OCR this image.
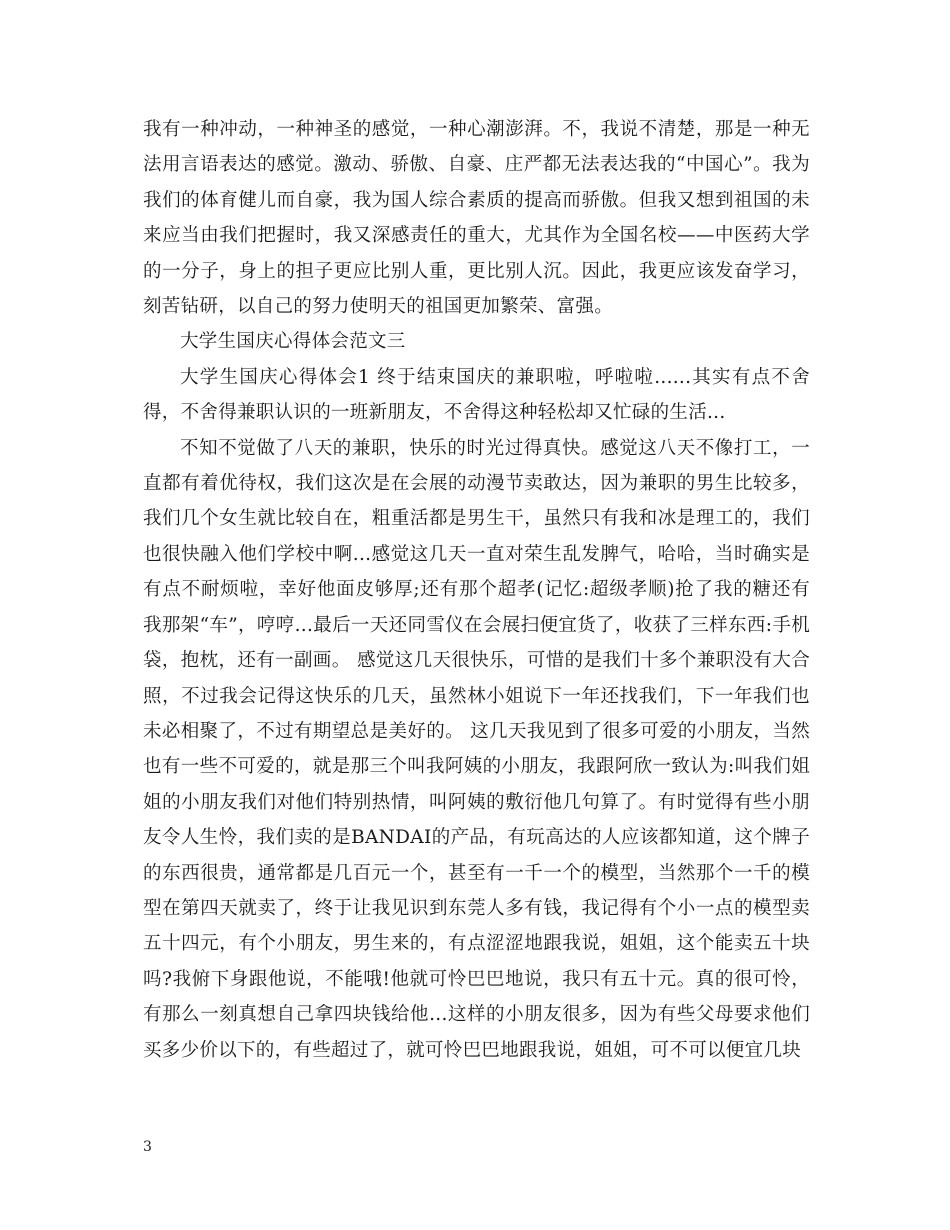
我有一种冲动，一种神圣的感觉，一种心潮澎湃。不，我说不清楚，那是一种无法用言语表达的感觉。激动、骄傲、自豪、庄严都无法表达我的“中国心”。我为我们的体育健儿而自豪，我为国人综合素质的提高而骄傲。但我又想到祖国的未来应当由我们把握时，我又深感责任的重大，尤其作为全国名校——中医药大学的一分子，身上的担子更应比别人重，更比别人沉。因此，我更应该发奋学习，刻苦钻研，以自己的努力使明天的祖国更加繁荣、富强。

大学生国庆心得体会范文三

大学生国庆心得体会1 终于结束国庆的兼职啦，呼啦啦......其实有点不舍得，不舍得兼职认识的一班新朋友，不舍得这种轻松却又忙碌的生活...

不知不觉做了八天的兼职，快乐的时光过得真快。感觉这八天不像打工，一直都有着优待权，我们这次是在会展的动漫节卖敢达，因为兼职的男生比较多，我们几个女生就比较自在，粗重活都是男生干，虽然只有我和冰是理工的，我们也很快融入他们学校中啊...感觉这几天一直对荣生乱发脾气，哈哈，当时确实是有点不耐烦啦，幸好他面皮够厚;还有那个超孝(记忆:超级孝顺)抢了我的糖还有我那架“车”，哼哼...最后一天还同雪仪在会展扫便宜货了，收获了三样东西:手机袋，抱枕，还有一副画。 感觉这几天很快乐，可惜的是我们十多个兼职没有大合照，不过我会记得这快乐的几天，虽然林小姐说下一年还找我们，下一年我们也未必相聚了，不过有期望总是美好的。 这几天我见到了很多可爱的小朋友，当然也有一些不可爱的，就是那三个叫我阿姨的小朋友，我跟阿欣一致认为:叫我们姐姐的小朋友我们对他们特别热情，叫阿姨的敷衍他几句算了。有时觉得有些小朋友令人生怜，我们卖的是BANDAI的产品，有玩高达的人应该都知道，这个牌子的东西很贵，通常都是几百元一个，甚至有一千一个的模型，当然那个一千的模型在第四天就卖了，终于让我见识到东莞人多有钱，我记得有个小一点的模型卖五十四元，有个小朋友，男生来的，有点涩涩地跟我说，姐姐，这个能卖五十块吗?我俯下身跟他说，不能哦!他就可怜巴巴地说，我只有五十元。真的很可怜，有那么一刻真想自己拿四块钱给他...这样的小朋友很多，因为有些父母要求他们买多少价以下的，有些超过了，就可怜巴巴地跟我说，姐姐，可不可以便宜几块

3
